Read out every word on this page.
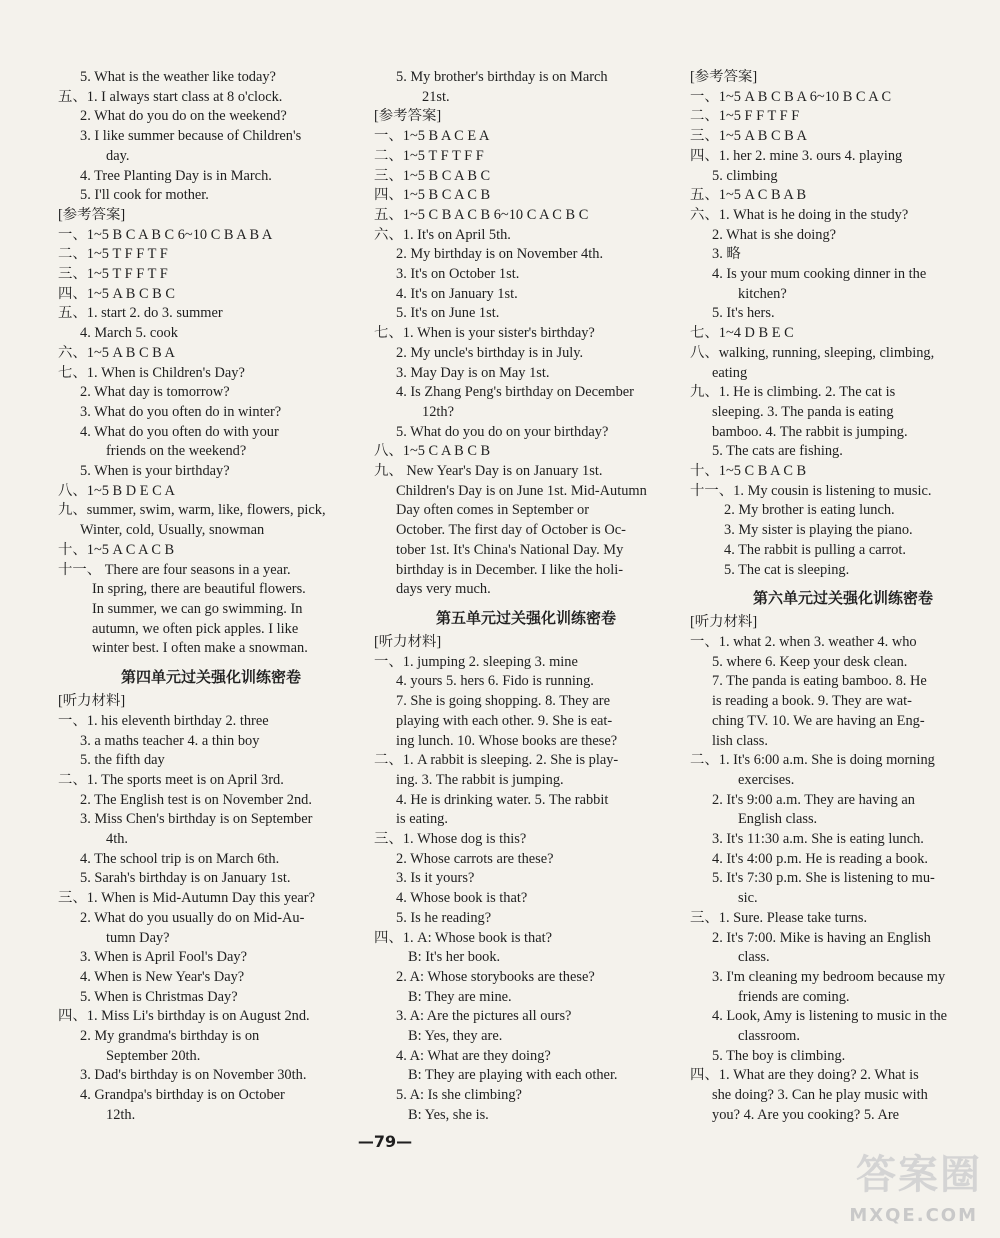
5. What is the weather like today?
五、1. I always start class at 8 o'clock.
2. What do you do on the weekend?
3. I like summer because of Children's
day.
4. Tree Planting Day is in March.
5. I'll cook for mother.
[参考答案]
一、1~5 B C A B C 6~10 C B A B A
二、1~5 T F F T F
三、1~5 T F F T F
四、1~5 A B C B C
五、1. start 2. do 3. summer
4. March 5. cook
六、1~5 A B C B A
七、1. When is Children's Day?
2. What day is tomorrow?
3. What do you often do in winter?
4. What do you often do with your
friends on the weekend?
5. When is your birthday?
八、1~5 B D E C A
九、summer, swim, warm, like, flowers, pick,
Winter, cold, Usually, snowman
十、1~5 A C A C B
十一、 There are four seasons in a year.
In spring, there are beautiful flowers.
In summer, we can go swimming. In
autumn, we often pick apples. I like
winter best. I often make a snowman.
第四单元过关强化训练密卷
[听力材料]
一、1. his eleventh birthday 2. three
3. a maths teacher 4. a thin boy
5. the fifth day
二、1. The sports meet is on April 3rd.
2. The English test is on November 2nd.
3. Miss Chen's birthday is on September
4th.
4. The school trip is on March 6th.
5. Sarah's birthday is on January 1st.
三、1. When is Mid-Autumn Day this year?
2. What do you usually do on Mid-Au-
tumn Day?
3. When is April Fool's Day?
4. When is New Year's Day?
5. When is Christmas Day?
四、1. Miss Li's birthday is on August 2nd.
2. My grandma's birthday is on
September 20th.
3. Dad's birthday is on November 30th.
4. Grandpa's birthday is on October
12th.
5. My brother's birthday is on March
21st.
[参考答案]
一、1~5 B A C E A
二、1~5 T F T F F
三、1~5 B C A B C
四、1~5 B C A C B
五、1~5 C B A C B 6~10 C A C B C
六、1. It's on April 5th.
2. My birthday is on November 4th.
3. It's on October 1st.
4. It's on January 1st.
5. It's on June 1st.
七、1. When is your sister's birthday?
2. My uncle's birthday is in July.
3. May Day is on May 1st.
4. Is Zhang Peng's birthday on December
12th?
5. What do you do on your birthday?
八、1~5 C A B C B
九、 New Year's Day is on January 1st.
Children's Day is on June 1st. Mid-Autumn
Day often comes in September or
October. The first day of October is Oc-
tober 1st. It's China's National Day. My
birthday is in December. I like the holi-
days very much.
第五单元过关强化训练密卷
[听力材料]
一、1. jumping 2. sleeping 3. mine
4. yours 5. hers 6. Fido is running.
7. She is going shopping. 8. They are
playing with each other. 9. She is eat-
ing lunch. 10. Whose books are these?
二、1. A rabbit is sleeping. 2. She is play-
ing. 3. The rabbit is jumping.
4. He is drinking water. 5. The rabbit
is eating.
三、1. Whose dog is this?
2. Whose carrots are these?
3. Is it yours?
4. Whose book is that?
5. Is he reading?
四、1. A: Whose book is that?
B: It's her book.
2. A: Whose storybooks are these?
B: They are mine.
3. A: Are the pictures all ours?
B: Yes, they are.
4. A: What are they doing?
B: They are playing with each other.
5. A: Is she climbing?
B: Yes, she is.
[参考答案]
一、1~5 A B C B A 6~10 B C A C
二、1~5 F F T F F
三、1~5 A B C B A
四、1. her 2. mine 3. ours 4. playing
5. climbing
五、1~5 A C B A B
六、1. What is he doing in the study?
2. What is she doing?
3. 略
4. Is your mum cooking dinner in the
kitchen?
5. It's hers.
七、1~4 D B E C
八、walking, running, sleeping, climbing,
eating
九、1. He is climbing. 2. The cat is
sleeping. 3. The panda is eating
bamboo. 4. The rabbit is jumping.
5. The cats are fishing.
十、1~5 C B A C B
十一、1. My cousin is listening to music.
2. My brother is eating lunch.
3. My sister is playing the piano.
4. The rabbit is pulling a carrot.
5. The cat is sleeping.
第六单元过关强化训练密卷
[听力材料]
一、1. what 2. when 3. weather 4. who
5. where 6. Keep your desk clean.
7. The panda is eating bamboo. 8. He
is reading a book. 9. They are wat-
ching TV. 10. We are having an Eng-
lish class.
二、1. It's 6:00 a.m. She is doing morning
exercises.
2. It's 9:00 a.m. They are having an
English class.
3. It's 11:30 a.m. She is eating lunch.
4. It's 4:00 p.m. He is reading a book.
5. It's 7:30 p.m. She is listening to mu-
sic.
三、1. Sure. Please take turns.
2. It's 7:00. Mike is having an English
class.
3. I'm cleaning my bedroom because my
friends are coming.
4. Look, Amy is listening to music in the
classroom.
5. The boy is climbing.
四、1. What are they doing? 2. What is
she doing? 3. Can he play music with
you? 4. Are you cooking? 5. Are
—79—
答案圈
MXQE.COM
